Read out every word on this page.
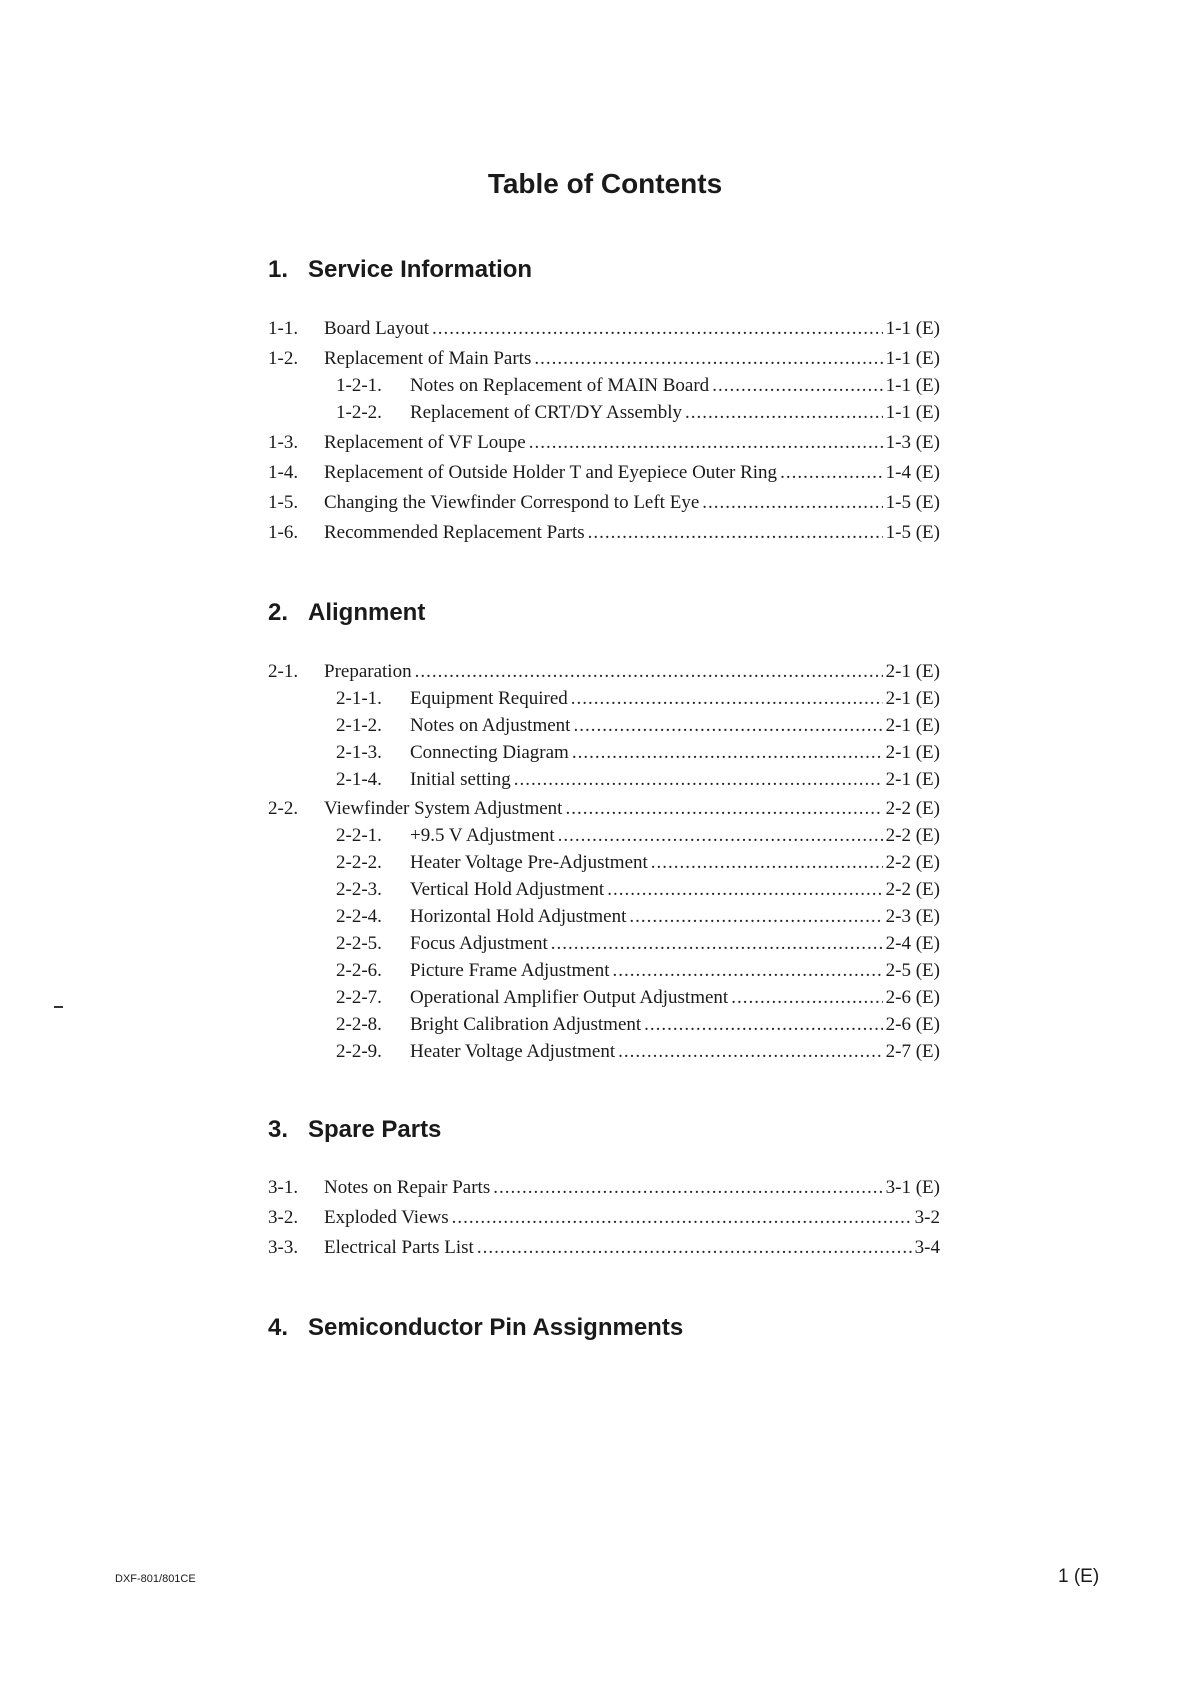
Table of Contents
1. Service Information
1-1.	Board Layout .....	1-1 (E)
1-2.	Replacement of Main Parts .....	1-1 (E)
1-2-1.	Notes on Replacement of MAIN Board .....	1-1 (E)
1-2-2.	Replacement of CRT/DY Assembly .....	1-1 (E)
1-3.	Replacement of VF Loupe .....	1-3 (E)
1-4.	Replacement of Outside Holder T and Eyepiece Outer Ring .....	1-4 (E)
1-5.	Changing the Viewfinder Correspond to Left Eye .....	1-5 (E)
1-6.	Recommended Replacement Parts .....	1-5 (E)
2. Alignment
2-1.	Preparation .....	2-1 (E)
2-1-1.	Equipment Required .....	2-1 (E)
2-1-2.	Notes on Adjustment .....	2-1 (E)
2-1-3.	Connecting Diagram .....	2-1 (E)
2-1-4.	Initial setting .....	2-1 (E)
2-2.	Viewfinder System Adjustment .....	2-2 (E)
2-2-1.	+9.5 V Adjustment .....	2-2 (E)
2-2-2.	Heater Voltage Pre-Adjustment .....	2-2 (E)
2-2-3.	Vertical Hold Adjustment .....	2-2 (E)
2-2-4.	Horizontal Hold Adjustment .....	2-3 (E)
2-2-5.	Focus Adjustment .....	2-4 (E)
2-2-6.	Picture Frame Adjustment .....	2-5 (E)
2-2-7.	Operational Amplifier Output Adjustment .....	2-6 (E)
2-2-8.	Bright Calibration Adjustment .....	2-6 (E)
2-2-9.	Heater Voltage Adjustment .....	2-7 (E)
3. Spare Parts
3-1.	Notes on Repair Parts .....	3-1 (E)
3-2.	Exploded Views .....	3-2
3-3.	Electrical Parts List .....	3-4
4. Semiconductor Pin Assignments
DXF-801/801CE	1 (E)
